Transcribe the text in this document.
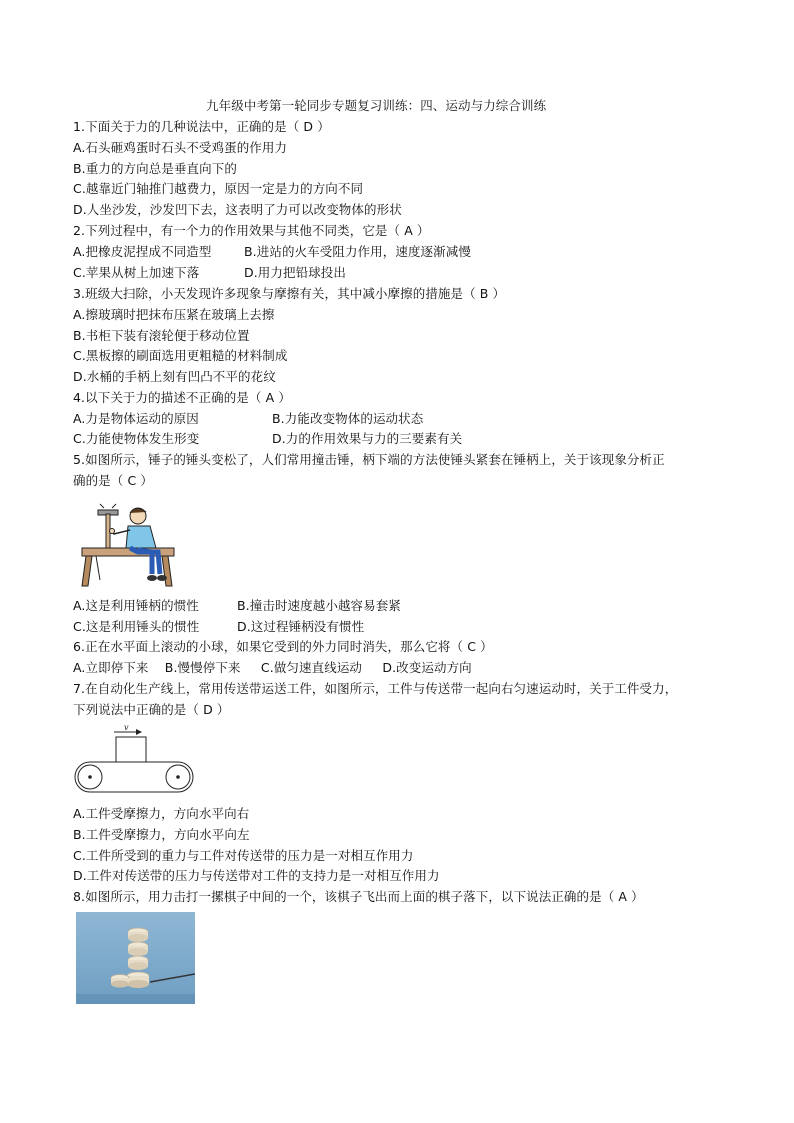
九年级中考第一轮同步专题复习训练：四、运动与力综合训练
1.下面关于力的几种说法中，正确的是（ D ）
A.石头砸鸡蛋时石头不受鸡蛋的作用力
B.重力的方向总是垂直向下的
C.越靠近门轴推门越费力，原因一定是力的方向不同
D.人坐沙发，沙发凹下去，这表明了力可以改变物体的形状
2.下列过程中，有一个力的作用效果与其他不同类，它是（ A ）
A.把橡皮泥捏成不同造型	B.进站的火车受阻力作用，速度逐渐减慢
C.苹果从树上加速下落	D.用力把铅球投出
3.班级大扫除，小天发现许多现象与摩擦有关，其中减小摩擦的措施是（ B ）
A.擦玻璃时把抹布压紧在玻璃上去擦
B.书柜下装有滚轮便于移动位置
C.黑板擦的刷面选用更粗糙的材料制成
D.水桶的手柄上刻有凹凸不平的花纹
4.以下关于力的描述不正确的是（ A ）
A.力是物体运动的原因	B.力能改变物体的运动状态
C.力能使物体发生形变	D.力的作用效果与力的三要素有关
5.如图所示，锤子的锤头变松了，人们常用撞击锤，柄下端的方法使锤头紧套在锤柄上，关于该现象分析正
确的是（ C ）
A.这是利用锤柄的惯性	B.撞击时速度越小越容易套紧
C.这是利用锤头的惯性	D.这过程锤柄没有惯性
6.正在水平面上滚动的小球，如果它受到的外力同时消失，那么它将（ C ）
A.立即停下来    B.慢慢停下来     C.做匀速直线运动     D.改变运动方向
7.在自动化生产线上，常用传送带运送工件，如图所示，工件与传送带一起向右匀速运动时，关于工件受力，
下列说法中正确的是（ D ）
v
A.工件受摩擦力，方向水平向右
B.工件受摩擦力，方向水平向左
C.工件所受到的重力与工件对传送带的压力是一对相互作用力
D.工件对传送带的压力与传送带对工件的支持力是一对相互作用力
8.如图所示，用力击打一摞棋子中间的一个，该棋子飞出而上面的棋子落下，以下说法正确的是（ A ）
